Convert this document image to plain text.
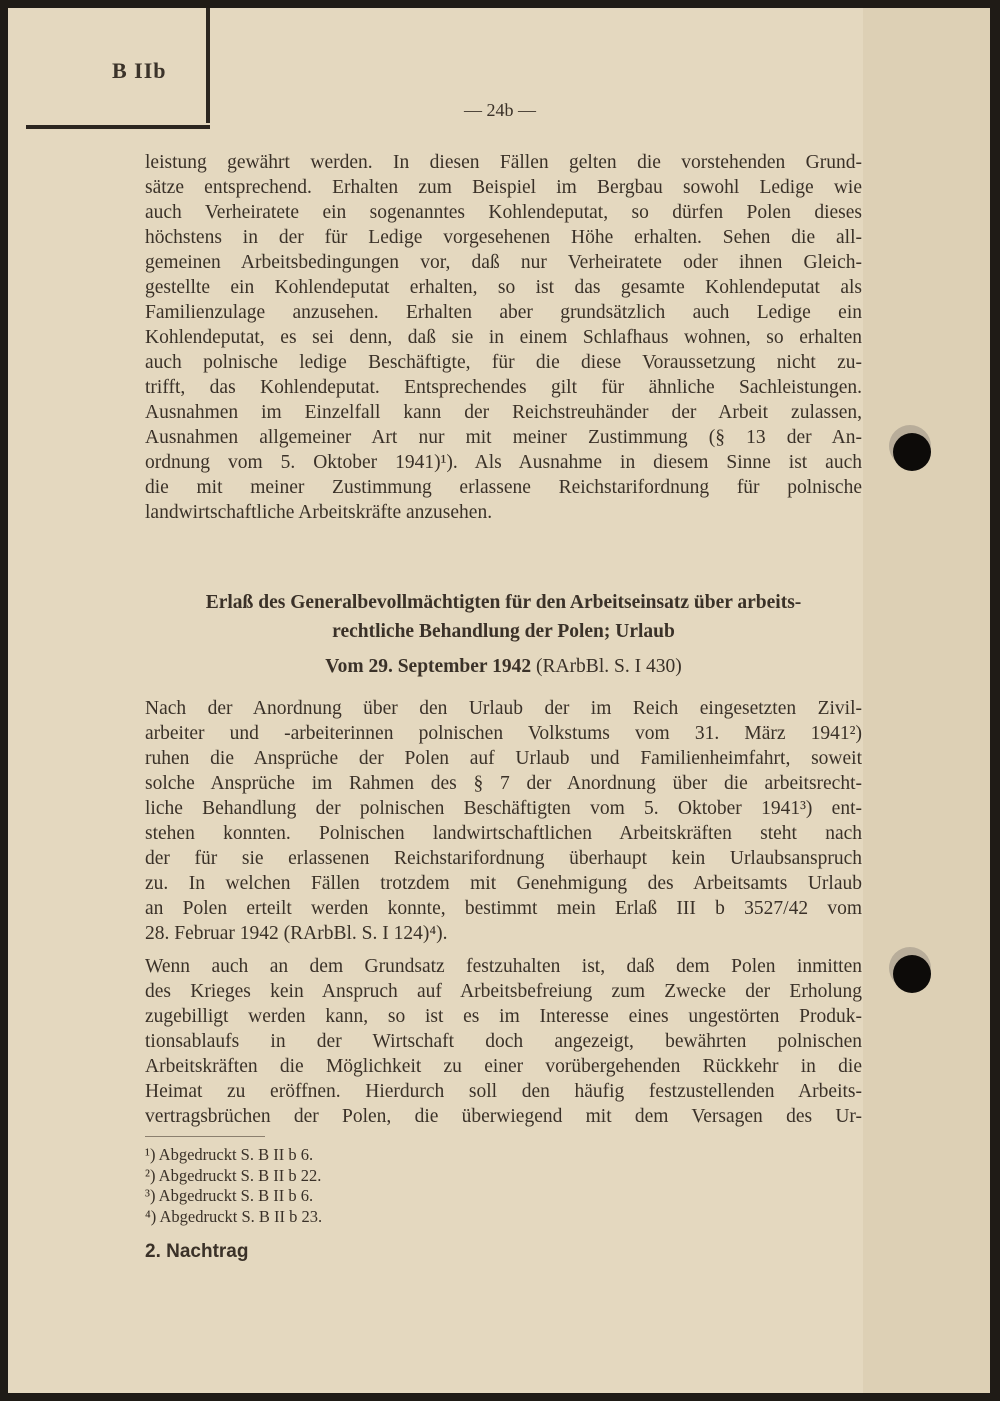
B IIb
— 24b —
leistung gewährt werden. In diesen Fällen gelten die vorstehenden Grund-
sätze entsprechend. Erhalten zum Beispiel im Bergbau sowohl Ledige wie
auch Verheiratete ein sogenanntes Kohlendeputat, so dürfen Polen dieses
höchstens in der für Ledige vorgesehenen Höhe erhalten. Sehen die all-
gemeinen Arbeitsbedingungen vor, daß nur Verheiratete oder ihnen Gleich-
gestellte ein Kohlendeputat erhalten, so ist das gesamte Kohlendeputat als
Familienzulage anzusehen. Erhalten aber grundsätzlich auch Ledige ein
Kohlendeputat, es sei denn, daß sie in einem Schlafhaus wohnen, so erhalten
auch polnische ledige Beschäftigte, für die diese Voraussetzung nicht zu-
trifft, das Kohlendeputat. Entsprechendes gilt für ähnliche Sachleistungen.
Ausnahmen im Einzelfall kann der Reichstreuhänder der Arbeit zulassen,
Ausnahmen allgemeiner Art nur mit meiner Zustimmung (§ 13 der An-
ordnung vom 5. Oktober 1941)¹). Als Ausnahme in diesem Sinne ist auch
die mit meiner Zustimmung erlassene Reichstarifordnung für polnische
landwirtschaftliche Arbeitskräfte anzusehen.
Erlaß des Generalbevollmächtigten für den Arbeitseinsatz über arbeits-
rechtliche Behandlung der Polen; Urlaub
Vom 29. September 1942 (RArbBl. S. I 430)
Nach der Anordnung über den Urlaub der im Reich eingesetzten Zivil-
arbeiter und -arbeiterinnen polnischen Volkstums vom 31. März 1941²)
ruhen die Ansprüche der Polen auf Urlaub und Familienheimfahrt, soweit
solche Ansprüche im Rahmen des § 7 der Anordnung über die arbeitsrecht-
liche Behandlung der polnischen Beschäftigten vom 5. Oktober 1941³) ent-
stehen konnten. Polnischen landwirtschaftlichen Arbeitskräften steht nach
der für sie erlassenen Reichstarifordnung überhaupt kein Urlaubsanspruch
zu. In welchen Fällen trotzdem mit Genehmigung des Arbeitsamts Urlaub
an Polen erteilt werden konnte, bestimmt mein Erlaß III b 3527/42 vom
28. Februar 1942 (RArbBl. S. I 124)⁴).
Wenn auch an dem Grundsatz festzuhalten ist, daß dem Polen inmitten
des Krieges kein Anspruch auf Arbeitsbefreiung zum Zwecke der Erholung
zugebilligt werden kann, so ist es im Interesse eines ungestörten Produk-
tionsablaufs in der Wirtschaft doch angezeigt, bewährten polnischen
Arbeitskräften die Möglichkeit zu einer vorübergehenden Rückkehr in die
Heimat zu eröffnen. Hierdurch soll den häufig festzustellenden Arbeits-
vertragsbrüchen der Polen, die überwiegend mit dem Versagen des Ur-
¹) Abgedruckt S. B II b 6.
²) Abgedruckt S. B II b 22.
³) Abgedruckt S. B II b 6.
⁴) Abgedruckt S. B II b 23.
2. Nachtrag
